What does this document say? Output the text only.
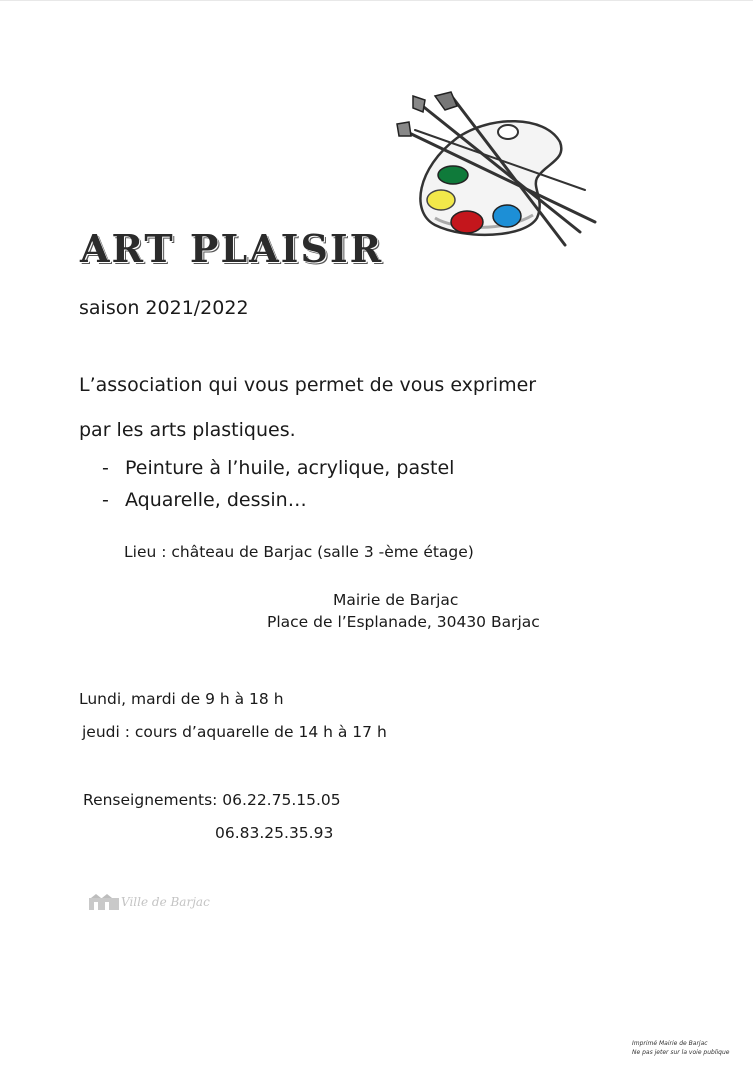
ART PLAISIR
saison 2021/2022
L’association qui vous permet de vous exprimer
par les arts plastiques.
- Peinture à l’huile, acrylique, pastel
- Aquarelle, dessin…
Lieu : château de Barjac (salle 3 -ème étage)
Mairie de Barjac
Place de l’Esplanade, 30430 Barjac
Lundi, mardi de 9 h à 18 h
jeudi : cours d’aquarelle de 14 h à 17 h
Renseignements: 06.22.75.15.05
06.83.25.35.93
Ville de Barjac
Imprimé Mairie de Barjac
Ne pas jeter sur la voie publique
